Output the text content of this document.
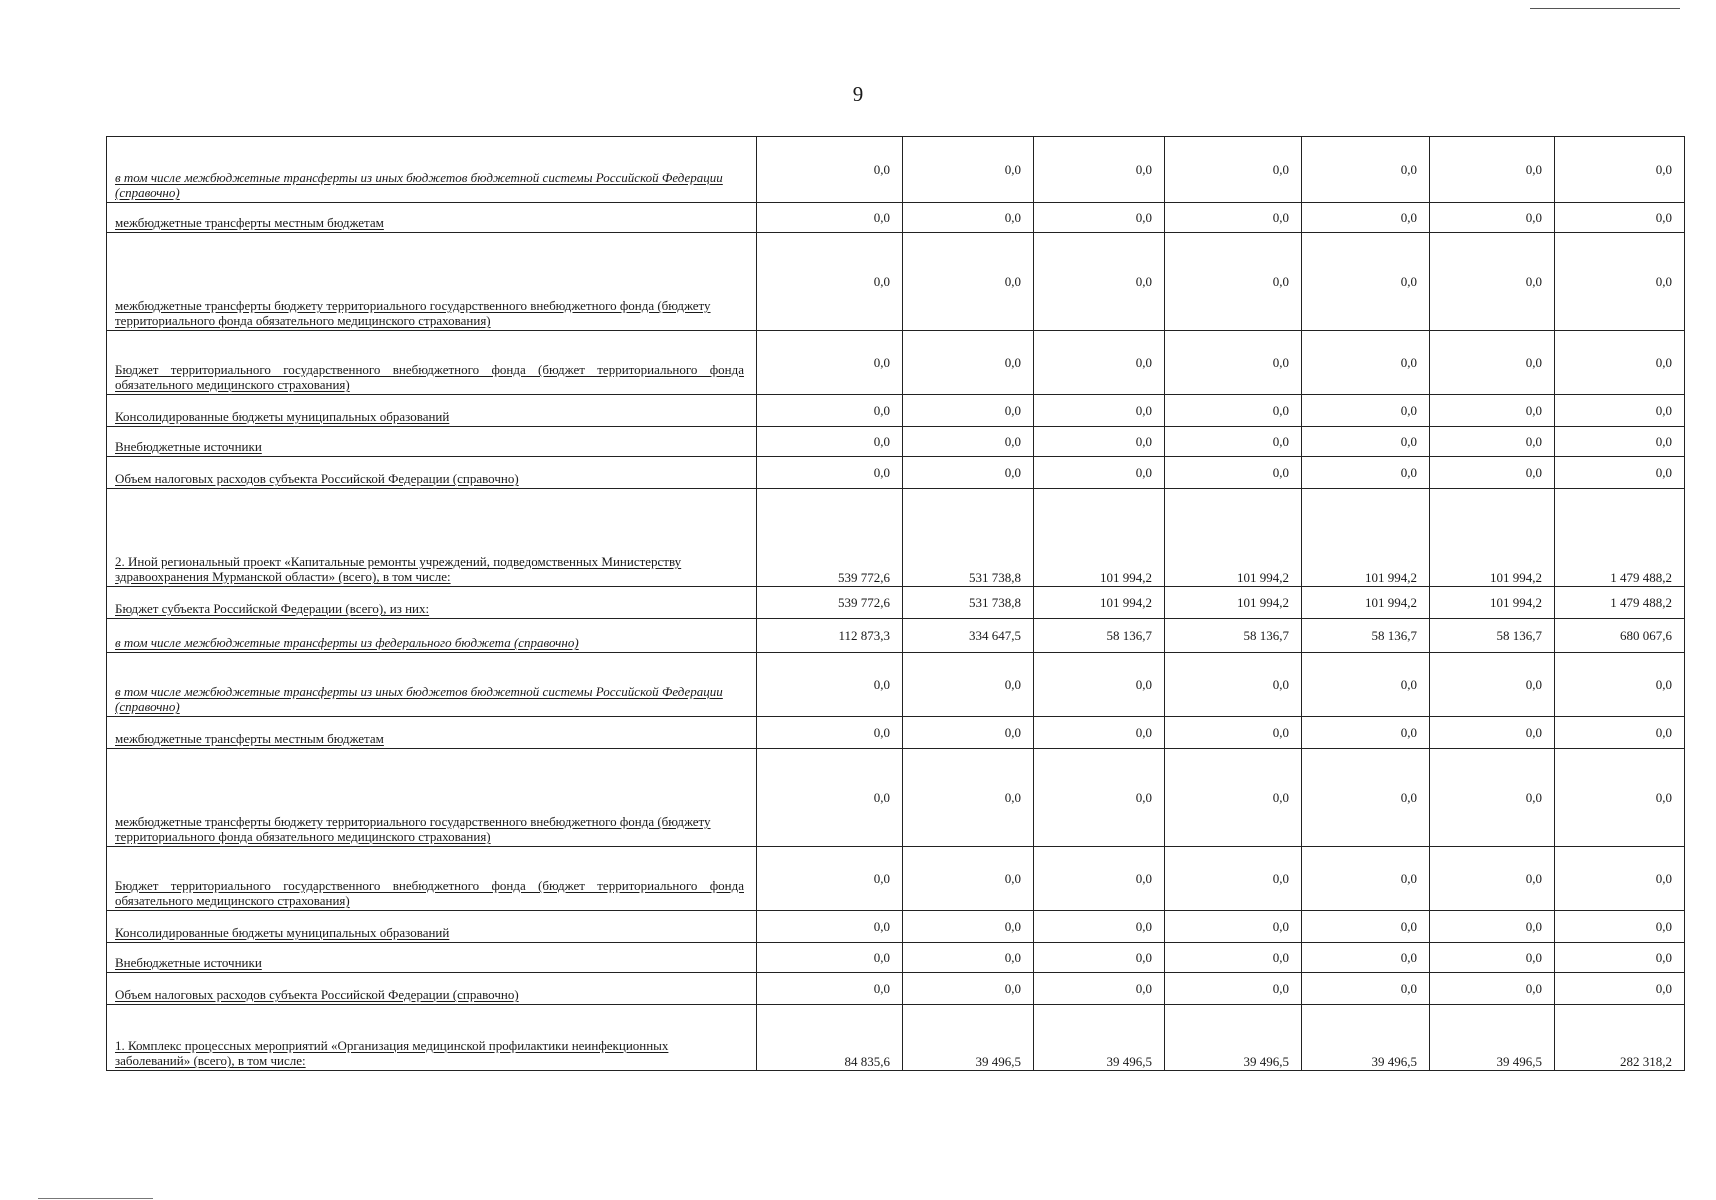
9
в том числе межбюджетные трансферты из иных бюджетов бюджетной системы Российской Федерации (справочно)	0,0	0,0	0,0	0,0	0,0	0,0	0,0
межбюджетные трансферты местным бюджетам	0,0	0,0	0,0	0,0	0,0	0,0	0,0
межбюджетные трансферты бюджету территориального государственного внебюджетного фонда (бюджету территориального фонда обязательного медицинского страхования)	0,0	0,0	0,0	0,0	0,0	0,0	0,0

Бюджет территориального государственного внебюджетного фонда (бюджет территориального фонда обязательного медицинского страхования)	0,0	0,0	0,0	0,0	0,0	0,0	0,0
Консолидированные бюджеты муниципальных образований	0,0	0,0	0,0	0,0	0,0	0,0	0,0
Внебюджетные источники	0,0	0,0	0,0	0,0	0,0	0,0	0,0
Объем налоговых расходов субъекта Российской Федерации (справочно)	0,0	0,0	0,0	0,0	0,0	0,0	0,0
2. Иной региональный проект «Капитальные ремонты учреждений, подведомственных Министерству здравоохранения Мурманской области» (всего), в том числе:	539 772,6	531 738,8	101 994,2	101 994,2	101 994,2	101 994,2	1 479 488,2
Бюджет субъекта Российской Федерации (всего), из них:	539 772,6	531 738,8	101 994,2	101 994,2	101 994,2	101 994,2	1 479 488,2
в том числе межбюджетные трансферты из федерального бюджета (справочно)	112 873,3	334 647,5	58 136,7	58 136,7	58 136,7	58 136,7	680 067,6
в том числе межбюджетные трансферты из иных бюджетов бюджетной системы Российской Федерации (справочно)	0,0	0,0	0,0	0,0	0,0	0,0	0,0
межбюджетные трансферты местным бюджетам	0,0	0,0	0,0	0,0	0,0	0,0	0,0
межбюджетные трансферты бюджету территориального государственного внебюджетного фонда (бюджету территориального фонда обязательного медицинского страхования)	0,0	0,0	0,0	0,0	0,0	0,0	0,0

Бюджет территориального государственного внебюджетного фонда (бюджет территориального фонда обязательного медицинского страхования)	0,0	0,0	0,0	0,0	0,0	0,0	0,0
Консолидированные бюджеты муниципальных образований	0,0	0,0	0,0	0,0	0,0	0,0	0,0
Внебюджетные источники	0,0	0,0	0,0	0,0	0,0	0,0	0,0
Объем налоговых расходов субъекта Российской Федерации (справочно)	0,0	0,0	0,0	0,0	0,0	0,0	0,0
1. Комплекс процессных мероприятий «Организация медицинской профилактики неинфекционных заболеваний» (всего), в том числе:	84 835,6	39 496,5	39 496,5	39 496,5	39 496,5	39 496,5	282 318,2
